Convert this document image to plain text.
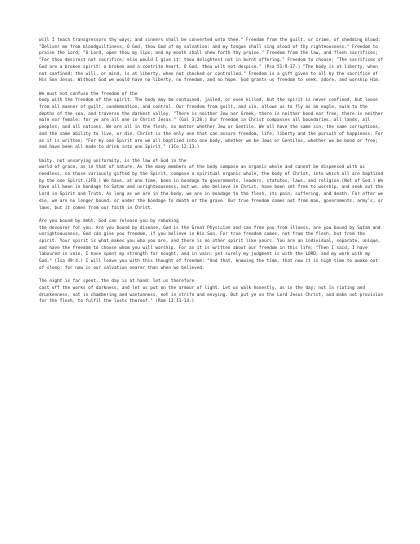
will I teach transgressors thy ways; and sinners shall be converted unto thee." Freedom from the guilt, or crime, of shedding blood; "Deliver me from bloodguiltiness, O God, thou God of my salvation: and my tongue shall sing aloud of thy righteousness." Freedom to praise the Lord; "O Lord, open thou my lips; and my mouth shall shew forth thy praise." Freedom from the law, and flesh sacrifices; "For thou desirest not sacrifice; else would I give it: thou delightest not in burnt offering." Freedom to choose; "The sacrifices of God are a broken spirit: a broken and a contrite heart, O God, thou wilt not despise." (Psa 51:9-17.) "The body is at liberty, when not confined; the will, or mind, is at liberty, when not checked or controlled." Freedom is a gift given to all by the sacrifice of His Son Jesus. Without God we would have no liberty, no freedom, and no hope. God grants us freedom to seek, adore, and worship Him.

We must not confuse the freedom of the
body with the freedom of the spirit. The body may be contained, jailed, or even killed, but the spirit is never confined, but loose from all manner of guilt, condemnation, and control. Our freedom from guilt, and sin, allows us to fly as an eagle, swim to the depths of the sea, and traverse the darkest valley. "There is neither Jew nor Greek, there is neither bond nor free, there is neither male nor female: for ye are all one in Christ Jesus." (Gal 3:28.) Our freedom in Christ compasses all boundaries, all lands, all peoples, and all nations. We are all in the flesh, no matter whether Jew or Gentile. We all have the same sin, the same corruptions, and the same ability to live, or die. Christ is the only one that can assure freedom, life, liberty and the pursuit of happiness. For as it is written; "For by one Spirit are we all baptized into one body, whether we be Jews or Gentiles, whether we be bond or free; and have been all made to drink into one Spirit." (1Co 12:13.)

Unity, not unvarying uniformity, is the law of God in the
world of grace, as in that of nature. As the many members of the body compose an organic whole and cannot be dispensed with as needless, so those variously gifted by the Spirit, compose a spiritual organic whole, the body of Christ, into which all are baptized by the one Spirit.(JFB.) We have, at one time, been in bondage to governments, leaders, statutes, laws, and religion.(Not of God.) We have all been in bondage to Satan and unrighteousness, but we, who believe in Christ, have been set free to worship, and seek out the Lord in Spirit and Truth. As long as we are in the body, we are in bondage to the flesh, its pain, suffering, and death. For after we die, we are no longer bound, or under the bondage to death or the grave. Our true freedom comes not from man, governments, army's, or laws, but it comes from our faith in Christ.

Are you bound by debt, God can release you by rebuking
the devourer for you. Are you bound by disease, God is the Great Physician and can free you from illness, are you bound by Satan and unrighteousness, God can give you freedom, if you believe in His Son. For true freedom comes, not from the flesh, but from the spirit. Your spirit is what makes you who you are, and there is no other spirit like yours. You are an individual, separate, unique, and have the freedom to choose whom you will worship. For as it is written about our freedom in this life; "Then I said, I have laboured in vain, I have spent my strength for nought, and in vain: yet surely my judgment is with the LORD, and my work with my God." (Isa 49:4.) I will leave you with this thought of freedom; "And that, knowing the time, that now it is high time to awake out of sleep: for now is our salvation nearer than when we believed.

The night is far spent, the day is at hand: let us therefore
cast off the works of darkness, and let us put on the armour of light. Let us walk honestly, as in the day; not in rioting and drunkenness, not in chambering and wantonness, not in strife and envying. But put ye on the Lord Jesus Christ, and make not provision for the flesh, to fulfil the lusts thereof." (Rom 13:11-14.)
